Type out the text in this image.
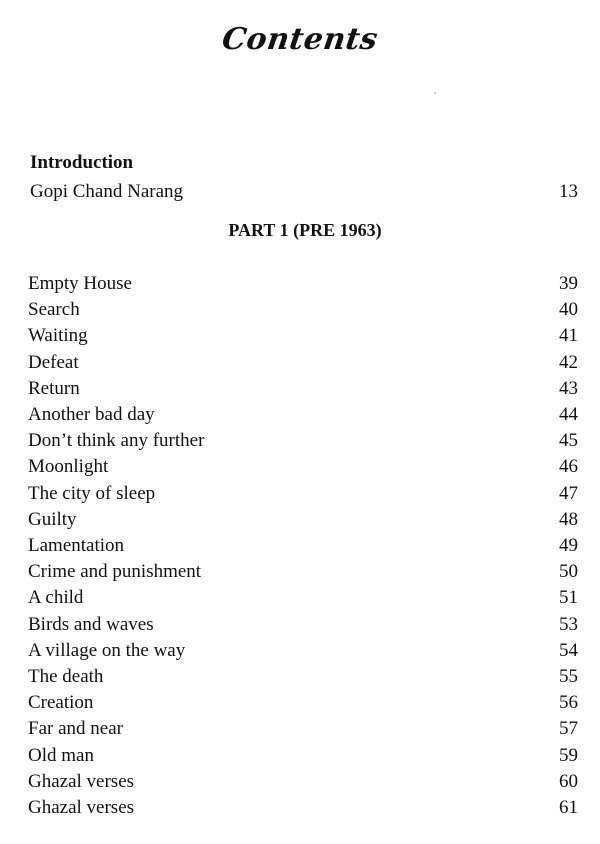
Contents
Introduction
Gopi Chand Narang	13
PART 1 (PRE 1963)
Empty House	39
Search	40
Waiting	41
Defeat	42
Return	43
Another bad day	44
Don’t think any further	45
Moonlight	46
The city of sleep	47
Guilty	48
Lamentation	49
Crime and punishment	50
A child	51
Birds and waves	53
A village on the way	54
The death	55
Creation	56
Far and near	57
Old man	59
Ghazal verses	60
Ghazal verses	61
